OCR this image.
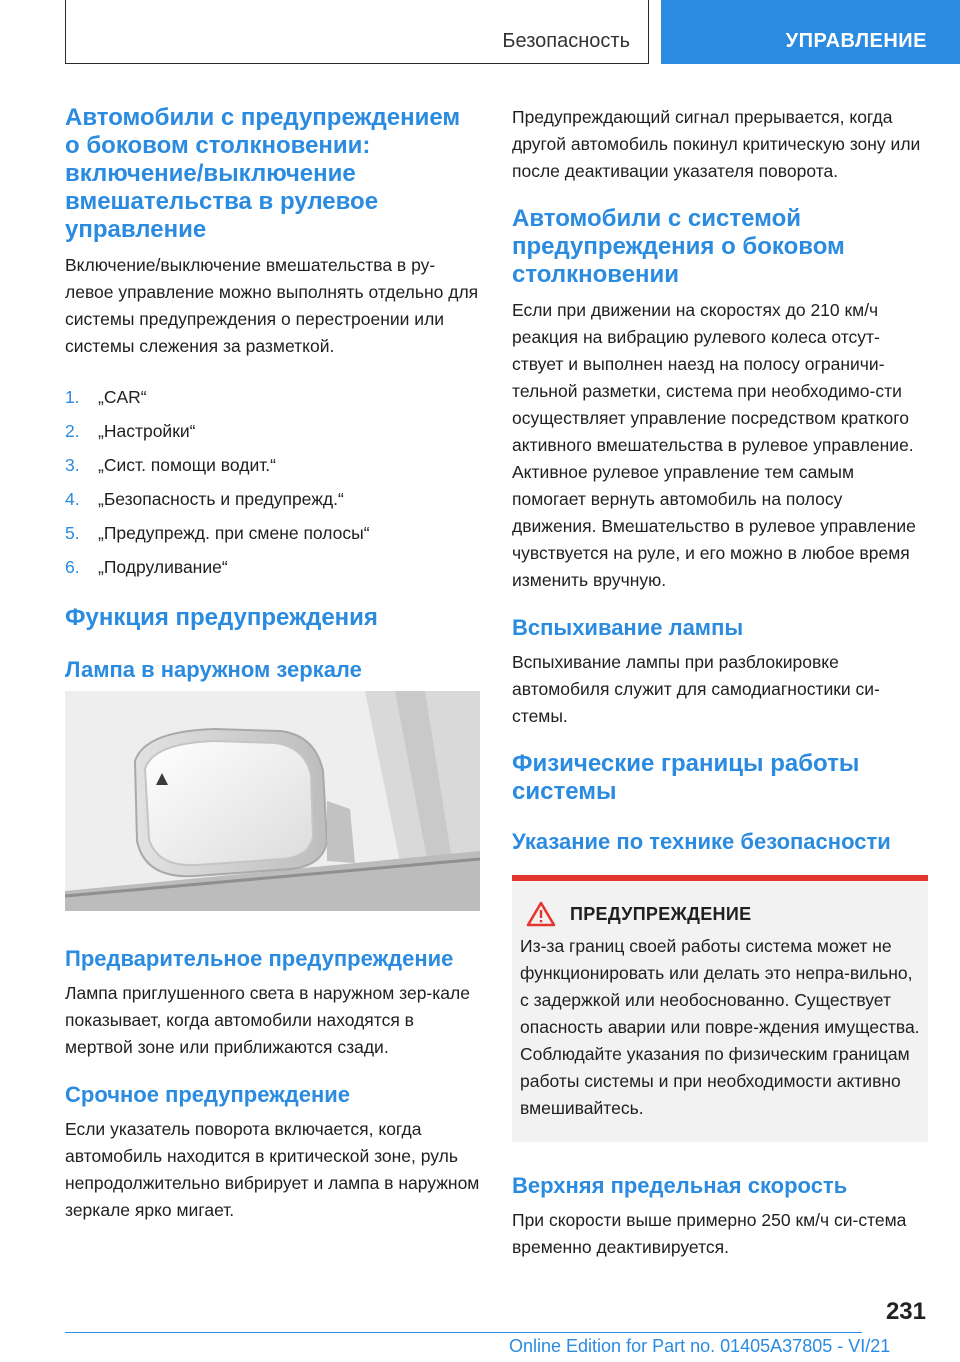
Безопасность	УПРАВЛЕНИЕ
Автомобили с предупреждением о боковом столкновении: включение/выключение вмешательства в рулевое управление

Включение/выключение вмешательства в ру-левое управление можно выполнять отдельно для системы предупреждения о перестроении или системы слежения за разметкой.

1.	„CAR“
2.	„Настройки“
3.	„Сист. помощи водит.“
4.	„Безопасность и предупрежд.“
5.	„Предупрежд. при смене полосы“
6.	„Подруливание“
Функция предупреждения
Лампа в наружном зеркале
Предварительное предупреждение

Лампа приглушенного света в наружном зер-кале показывает, когда автомобили находятся в мертвой зоне или приближаются сзади.

Срочное предупреждение

Если указатель поворота включается, когда автомобиль находится в критической зоне, руль непродолжительно вибрирует и лампа в наружном зеркале ярко мигает.

Предупреждающий сигнал прерывается, когда другой автомобиль покинул критическую зону или после деактивации указателя поворота.

Автомобили с системой предупреждения о боковом столкновении

Если при движении на скоростях до 210 км/ч реакция на вибрацию рулевого колеса отсут-ствует и выполнен наезд на полосу ограничи-тельной разметки, система при необходимо-сти осуществляет управление посредством краткого активного вмешательства в рулевое управление. Активное рулевое управление тем самым помогает вернуть автомобиль на полосу движения. Вмешательство в рулевое управление чувствуется на руле, и его можно в любое время изменить вручную.

Вспыхивание лампы

Вспыхивание лампы при разблокировке автомобиля служит для самодиагностики си-стемы.

Физические границы работы системы
Указание по технике безопасности
ПРЕДУПРЕЖДЕНИЕ

Из-за границ своей работы система может не функционировать или делать это непра-вильно, с задержкой или необоснованно. Существует опасность аварии или повре-ждения имущества. Соблюдайте указания по физическим границам работы системы и при необходимости активно вмешивайтесь.

Верхняя предельная скорость

При скорости выше примерно 250 км/ч си-стема временно деактивируется.

231
Online Edition for Part no. 01405A37805 - VI/21
